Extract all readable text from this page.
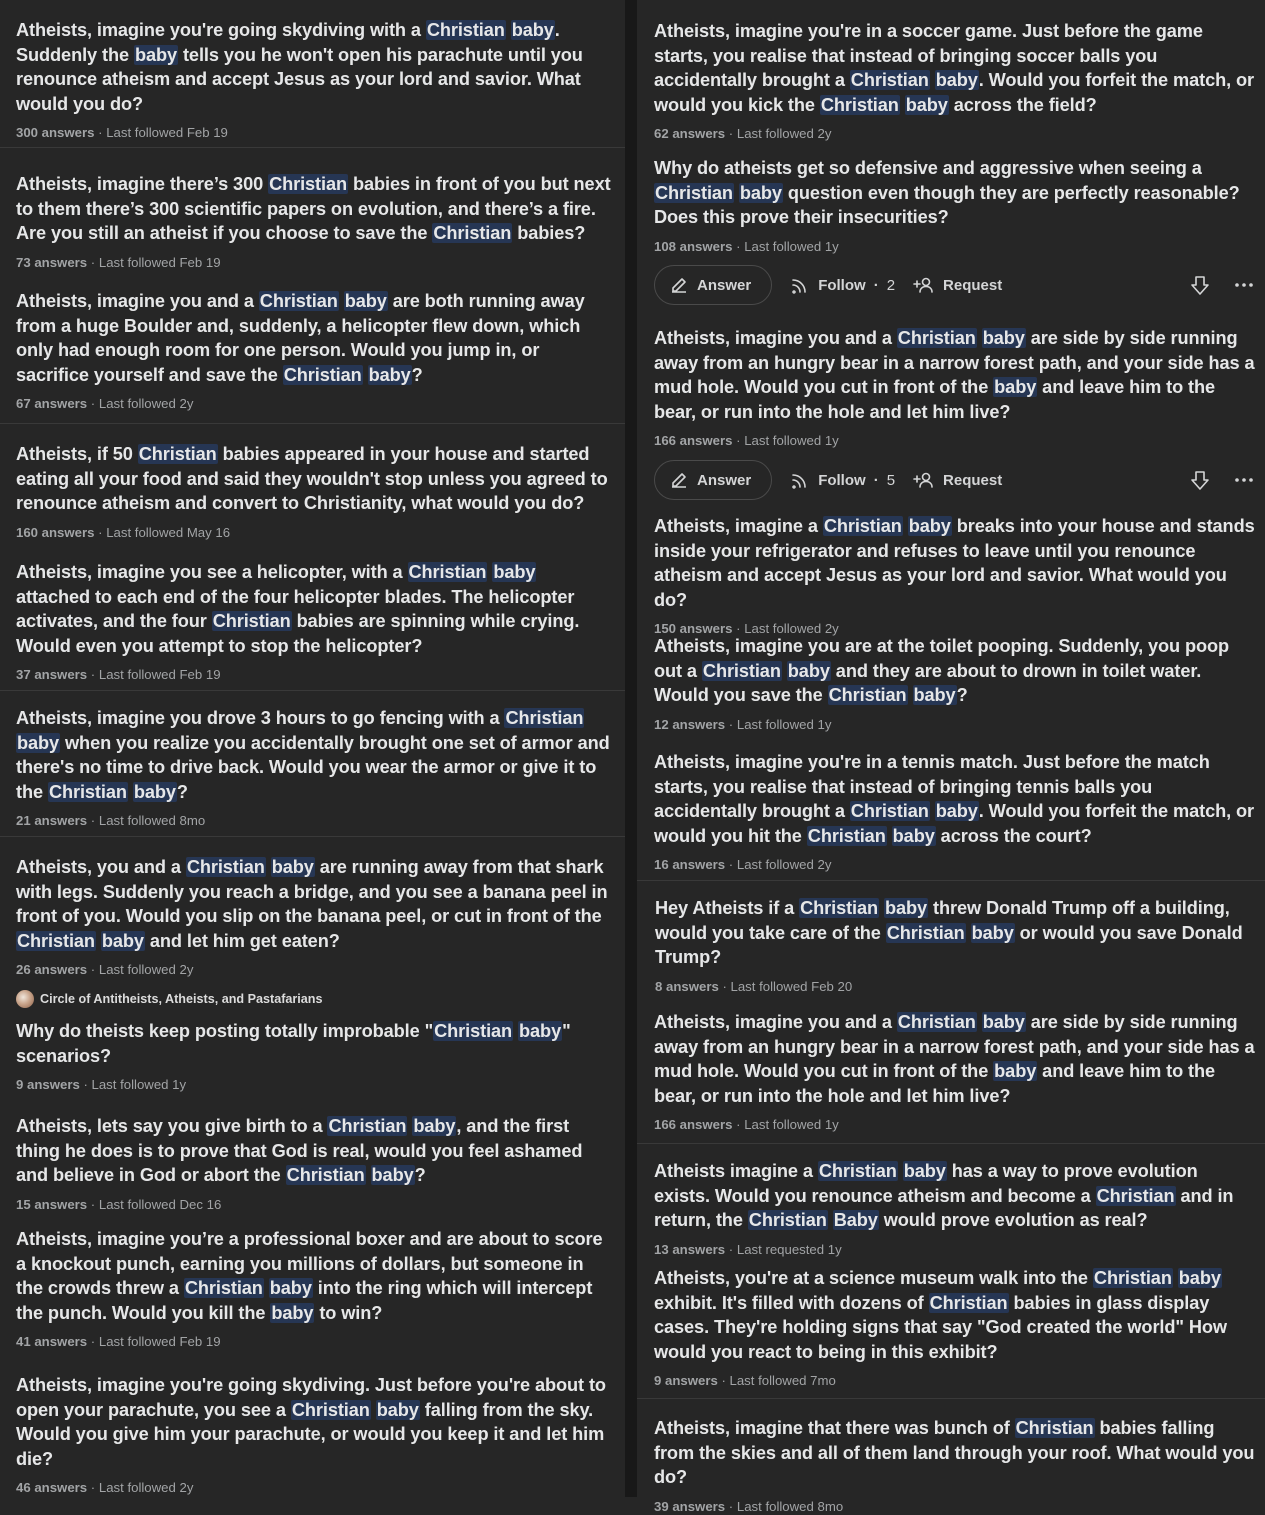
Atheists, imagine you're going skydiving with a Christian baby. Suddenly the baby tells you he won't open his parachute until you renounce atheism and accept Jesus as your lord and savior. What would you do?
300 answers · Last followed Feb 19
Atheists, imagine there’s 300 Christian babies in front of you but next to them there’s 300 scientific papers on evolution, and there’s a fire. Are you still an atheist if you choose to save the Christian babies?
73 answers · Last followed Feb 19
Atheists, imagine you and a Christian baby are both running away from a huge Boulder and, suddenly, a helicopter flew down, which only had enough room for one person. Would you jump in, or sacrifice yourself and save the Christian baby?
67 answers · Last followed 2y
Atheists, if 50 Christian babies appeared in your house and started eating all your food and said they wouldn't stop unless you agreed to renounce atheism and convert to Christianity, what would you do?
160 answers · Last followed May 16
Atheists, imagine you see a helicopter, with a Christian baby attached to each end of the four helicopter blades. The helicopter activates, and the four Christian babies are spinning while crying. Would even you attempt to stop the helicopter?
37 answers · Last followed Feb 19
Atheists, imagine you drove 3 hours to go fencing with a Christian baby when you realize you accidentally brought one set of armor and there's no time to drive back. Would you wear the armor or give it to the Christian baby?
21 answers · Last followed 8mo
Atheists, you and a Christian baby are running away from that shark with legs. Suddenly you reach a bridge, and you see a banana peel in front of you. Would you slip on the banana peel, or cut in front of the Christian baby and let him get eaten?
26 answers · Last followed 2y
Circle of Antitheists, Atheists, and Pastafarians
Why do theists keep posting totally improbable "Christian baby" scenarios?
9 answers · Last followed 1y
Atheists, lets say you give birth to a Christian baby, and the first thing he does is to prove that God is real, would you feel ashamed and believe in God or abort the Christian baby?
15 answers · Last followed Dec 16
Atheists, imagine you’re a professional boxer and are about to score a knockout punch, earning you millions of dollars, but someone in the crowds threw a Christian baby into the ring which will intercept the punch. Would you kill the baby to win?
41 answers · Last followed Feb 19
Atheists, imagine you're going skydiving. Just before you're about to open your parachute, you see a Christian baby falling from the sky. Would you give him your parachute, or would you keep it and let him die?
46 answers · Last followed 2y
Atheists, imagine you're in a soccer game. Just before the game starts, you realise that instead of bringing soccer balls you accidentally brought a Christian baby. Would you forfeit the match, or would you kick the Christian baby across the field?
62 answers · Last followed 2y
Why do atheists get so defensive and aggressive when seeing a Christian baby question even though they are perfectly reasonable? Does this prove their insecurities?
108 answers · Last followed 1y
Answer	Follow · 2	Request
Atheists, imagine you and a Christian baby are side by side running away from an hungry bear in a narrow forest path, and your side has a mud hole. Would you cut in front of the baby and leave him to the bear, or run into the hole and let him live?
166 answers · Last followed 1y
Answer	Follow · 5	Request
Atheists, imagine a Christian baby breaks into your house and stands inside your refrigerator and refuses to leave until you renounce atheism and accept Jesus as your lord and savior. What would you do?
150 answers · Last followed 2y
Atheists, imagine you are at the toilet pooping. Suddenly, you poop out a Christian baby and they are about to drown in toilet water. Would you save the Christian baby?
12 answers · Last followed 1y
Atheists, imagine you're in a tennis match. Just before the match starts, you realise that instead of bringing tennis balls you accidentally brought a Christian baby. Would you forfeit the match, or would you hit the Christian baby across the court?
16 answers · Last followed 2y
Hey Atheists if a Christian baby threw Donald Trump off a building, would you take care of the Christian baby or would you save Donald Trump?
8 answers · Last followed Feb 20
Atheists, imagine you and a Christian baby are side by side running away from an hungry bear in a narrow forest path, and your side has a mud hole. Would you cut in front of the baby and leave him to the bear, or run into the hole and let him live?
166 answers · Last followed 1y
Atheists imagine a Christian baby has a way to prove evolution exists. Would you renounce atheism and become a Christian and in return, the Christian Baby would prove evolution as real?
13 answers · Last requested 1y
Atheists, you're at a science museum walk into the Christian baby exhibit. It's filled with dozens of Christian babies in glass display cases. They're holding signs that say "God created the world" How would you react to being in this exhibit?
9 answers · Last followed 7mo
Atheists, imagine that there was bunch of Christian babies falling from the skies and all of them land through your roof. What would you do?
39 answers · Last followed 8mo
